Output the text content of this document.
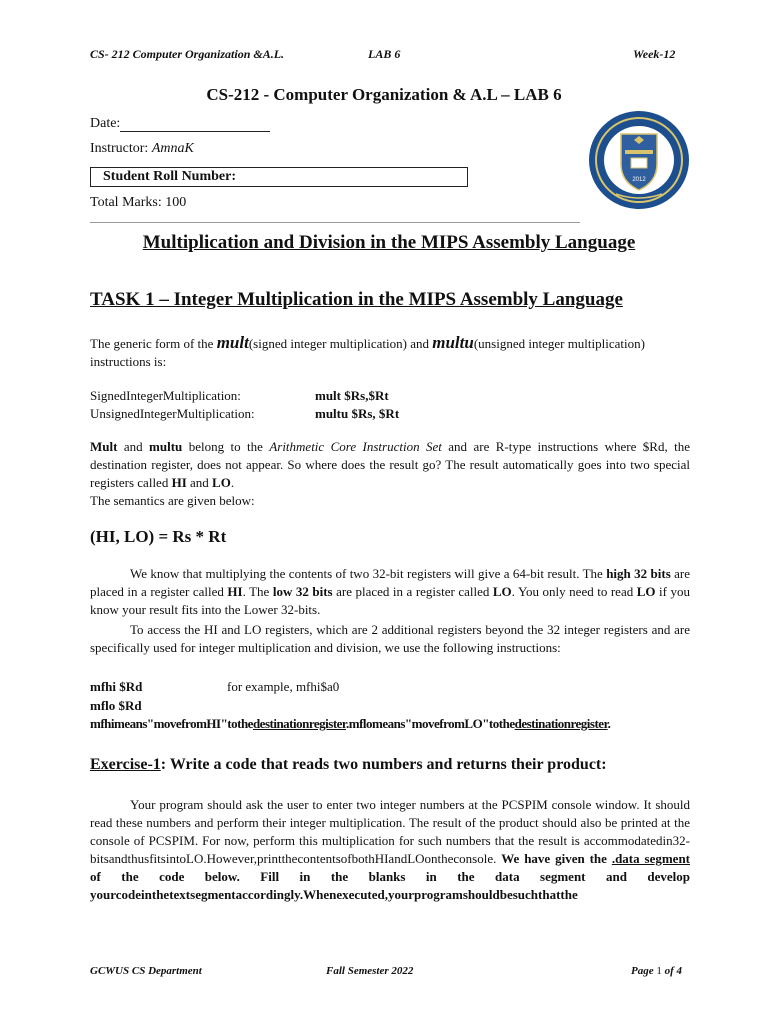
CS- 212 Computer Organization &A.L.	LAB 6	Week-12
CS-212 - Computer Organization & A.L – LAB 6
Date:
Instructor: AmnaK
Student Roll Number:
Total Marks: 100
2012
Multiplication and Division in the MIPS Assembly Language
TASK 1 – Integer Multiplication in the MIPS Assembly Language
The generic form of the mult(signed integer multiplication) and multu(unsigned integer multiplication) instructions is:
SignedIntegerMultiplication:	mult $Rs,$Rt
UnsignedIntegerMultiplication:	multu $Rs, $Rt
Mult and multu belong to the Arithmetic Core Instruction Set and are R-type instructions where $Rd, the destination register, does not appear. So where does the result go? The result automatically goes into two special registers called HI and LO.
The semantics are given below:
(HI, LO) = Rs * Rt
We know that multiplying the contents of two 32-bit registers will give a 64-bit result. The high 32 bits are placed in a register called HI. The low 32 bits are placed in a register called LO. You only need to read LO if you know your result fits into the Lower 32-bits.
To access the HI and LO registers, which are 2 additional registers beyond the 32 integer registers and are specifically used for integer multiplication and division, we use the following instructions:
mfhi $Rd	for example, mfhi$a0
mflo $Rd
mfhimeans"movefromHI"tothedestinationregister.mflomeans"movefromLO"tothedestinationregister.
Exercise-1: Write a code that reads two numbers and returns their product:
Your program should ask the user to enter two integer numbers at the PCSPIM console window. It should read these numbers and perform their integer multiplication. The result of the product should also be printed at the console of PCSPIM. For now, perform this multiplication for such numbers that the result is accommodatedin32-bitsandthusfitsintoLO.However,printthecontentsofbothHIandLOontheconsole. We have given the .data segment of the code below. Fill in the blanks in the data segment and develop yourcodeinthetextsegmentaccordingly.Whenexecuted,yourprogramshouldbesuchthatthe
GCWUS CS Department	Fall Semester 2022	Page 1 of 4
